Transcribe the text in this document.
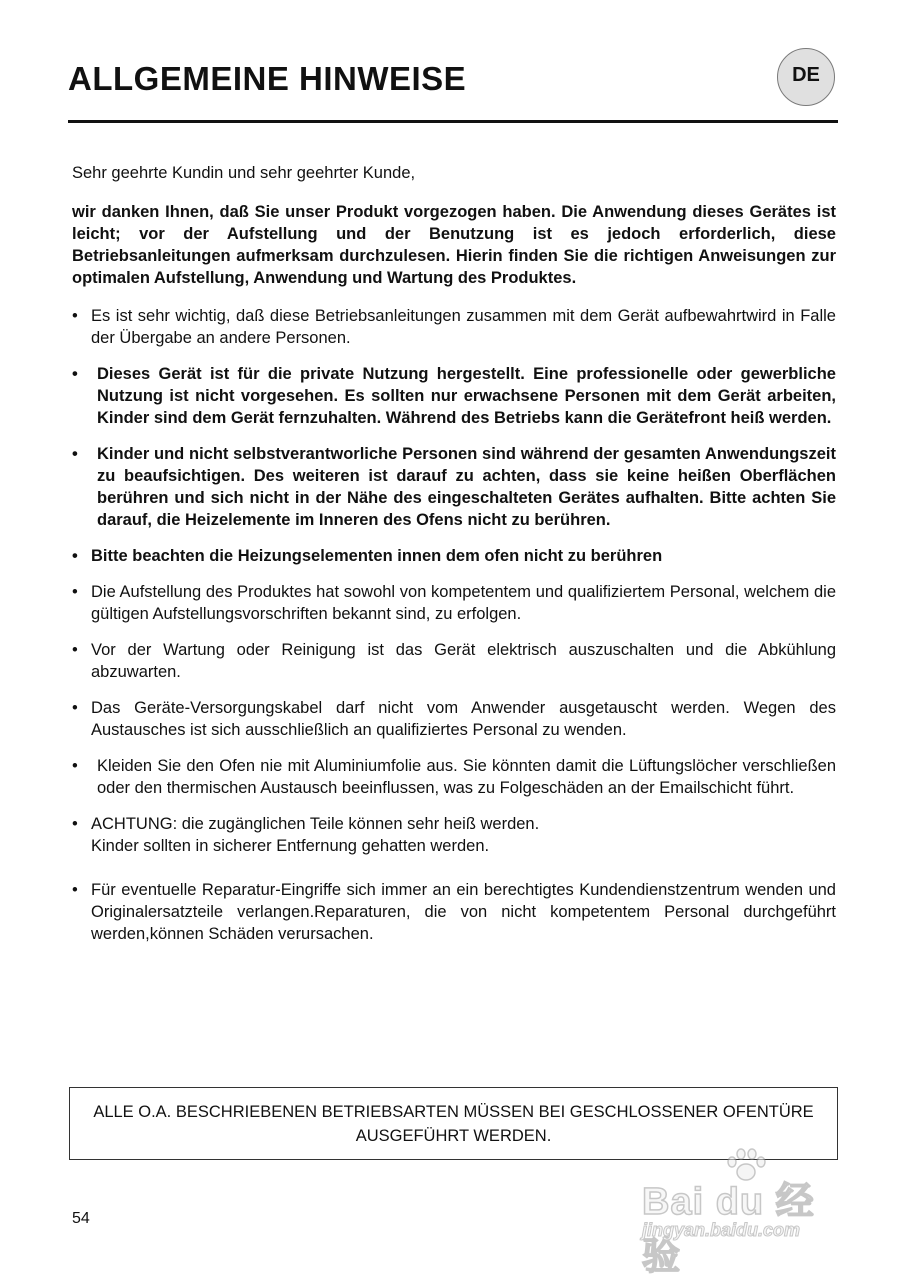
ALLGEMEINE HINWEISE	DE

Sehr geehrte Kundin und sehr geehrter Kunde,

wir danken Ihnen, daß Sie unser Produkt vorgezogen haben. Die Anwendung dieses Gerätes ist leicht; vor der Aufstellung und der Benutzung ist es jedoch erforderlich, diese Betriebsanleitungen aufmerksam durchzulesen. Hierin finden Sie die richtigen Anweisungen zur optimalen Aufstellung, Anwendung und Wartung des Produktes.

• Es ist sehr wichtig, daß diese Betriebsanleitungen zusammen mit dem Gerät aufbewahrtwird in Falle der Übergabe an andere Personen.
• Dieses Gerät ist für die private Nutzung hergestellt. Eine professionelle oder gewerbliche Nutzung ist nicht vorgesehen. Es sollten nur erwachsene Personen mit dem Gerät arbeiten, Kinder sind dem Gerät fernzuhalten. Während des Betriebs kann die Gerätefront heiß werden.
• Kinder und nicht selbstverantworliche Personen sind während der gesamten Anwendungszeit zu beaufsichtigen. Des weiteren ist darauf zu achten, dass sie keine heißen Oberflächen berühren und sich nicht in der Nähe des eingeschalteten Gerätes aufhalten. Bitte achten Sie darauf, die Heizelemente im Inneren des Ofens nicht zu berühren.
• Bitte beachten die Heizungselementen innen dem ofen nicht zu berühren
• Die Aufstellung des Produktes hat sowohl von kompetentem und qualifiziertem Personal, welchem die gültigen Aufstellungsvorschriften bekannt sind, zu erfolgen.
• Vor der Wartung oder Reinigung ist das Gerät elektrisch auszuschalten und die Abkühlung abzuwarten.
• Das Geräte-Versorgungskabel darf nicht vom Anwender ausgetauscht werden. Wegen des Austausches ist sich ausschließlich an qualifiziertes Personal zu wenden.
• Kleiden Sie den Ofen nie mit Aluminiumfolie aus. Sie könnten damit die Lüftungslöcher verschließen oder den thermischen Austausch beeinflussen, was zu Folgeschäden an der Emailschicht führt.
• ACHTUNG: die zugänglichen Teile können sehr heiß werden.
Kinder sollten in sicherer Entfernung gehatten werden.
• Für eventuelle Reparatur-Eingriffe sich immer an ein berechtigtes Kundendienstzentrum wenden und Originalersatzteile verlangen.Reparaturen, die von nicht kompetentem Personal durchgeführt werden,können Schäden verursachen.
ALLE O.A. BESCHRIEBENEN BETRIEBSARTEN MÜSSEN BEI GESCHLOSSENER OFENTÜRE AUSGEFÜHRT WERDEN.
54	Bai du 经验
jingyan.baidu.com
